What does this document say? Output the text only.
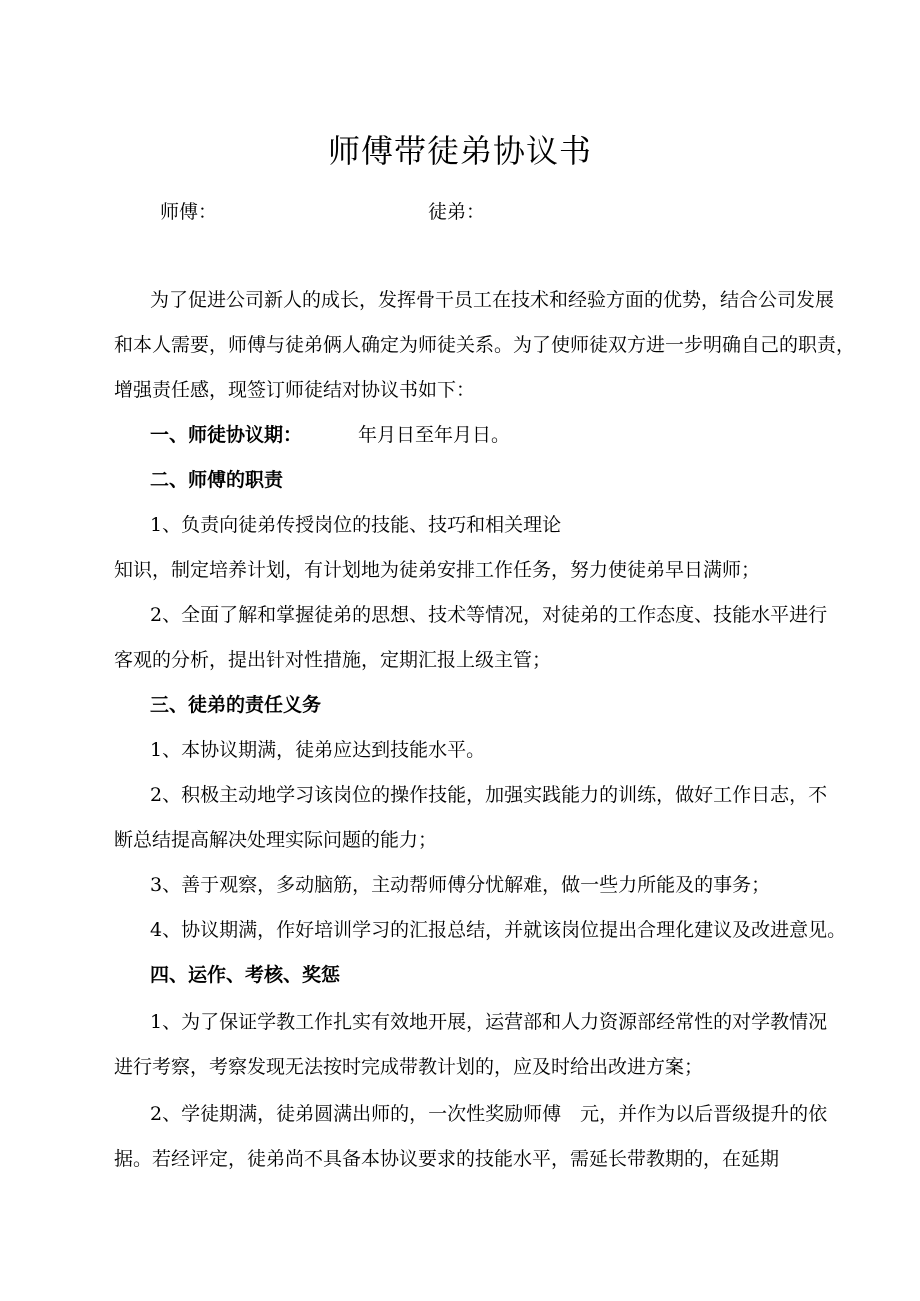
师傅带徒弟协议书
师傅：	徒弟：
为了促进公司新人的成长，发挥骨干员工在技术和经验方面的优势，结合公司发展
和本人需要，师傅与徒弟俩人确定为师徒关系。为了使师徒双方进一步明确自己的职责，
增强责任感，现签订师徒结对协议书如下：
一、师徒协议期：	年月日至年月日。
二、师傅的职责
1、负责向徒弟传授岗位的技能、技巧和相关理论
知识，制定培养计划，有计划地为徒弟安排工作任务，努力使徒弟早日满师；
2、全面了解和掌握徒弟的思想、技术等情况，对徒弟的工作态度、技能水平进行
客观的分析，提出针对性措施，定期汇报上级主管；
三、徒弟的责任义务
1、本协议期满，徒弟应达到技能水平。
2、积极主动地学习该岗位的操作技能，加强实践能力的训练，做好工作日志，不
断总结提高解决处理实际问题的能力；
3、善于观察，多动脑筋，主动帮师傅分忧解难，做一些力所能及的事务；
4、协议期满，作好培训学习的汇报总结，并就该岗位提出合理化建议及改进意见。
四、运作、考核、奖惩
1、为了保证学教工作扎实有效地开展，运营部和人力资源部经常性的对学教情况
进行考察，考察发现无法按时完成带教计划的，应及时给出改进方案；
2、学徒期满，徒弟圆满出师的，一次性奖励师傅　元，并作为以后晋级提升的依
据。若经评定，徒弟尚不具备本协议要求的技能水平，需延长带教期的，在延期
